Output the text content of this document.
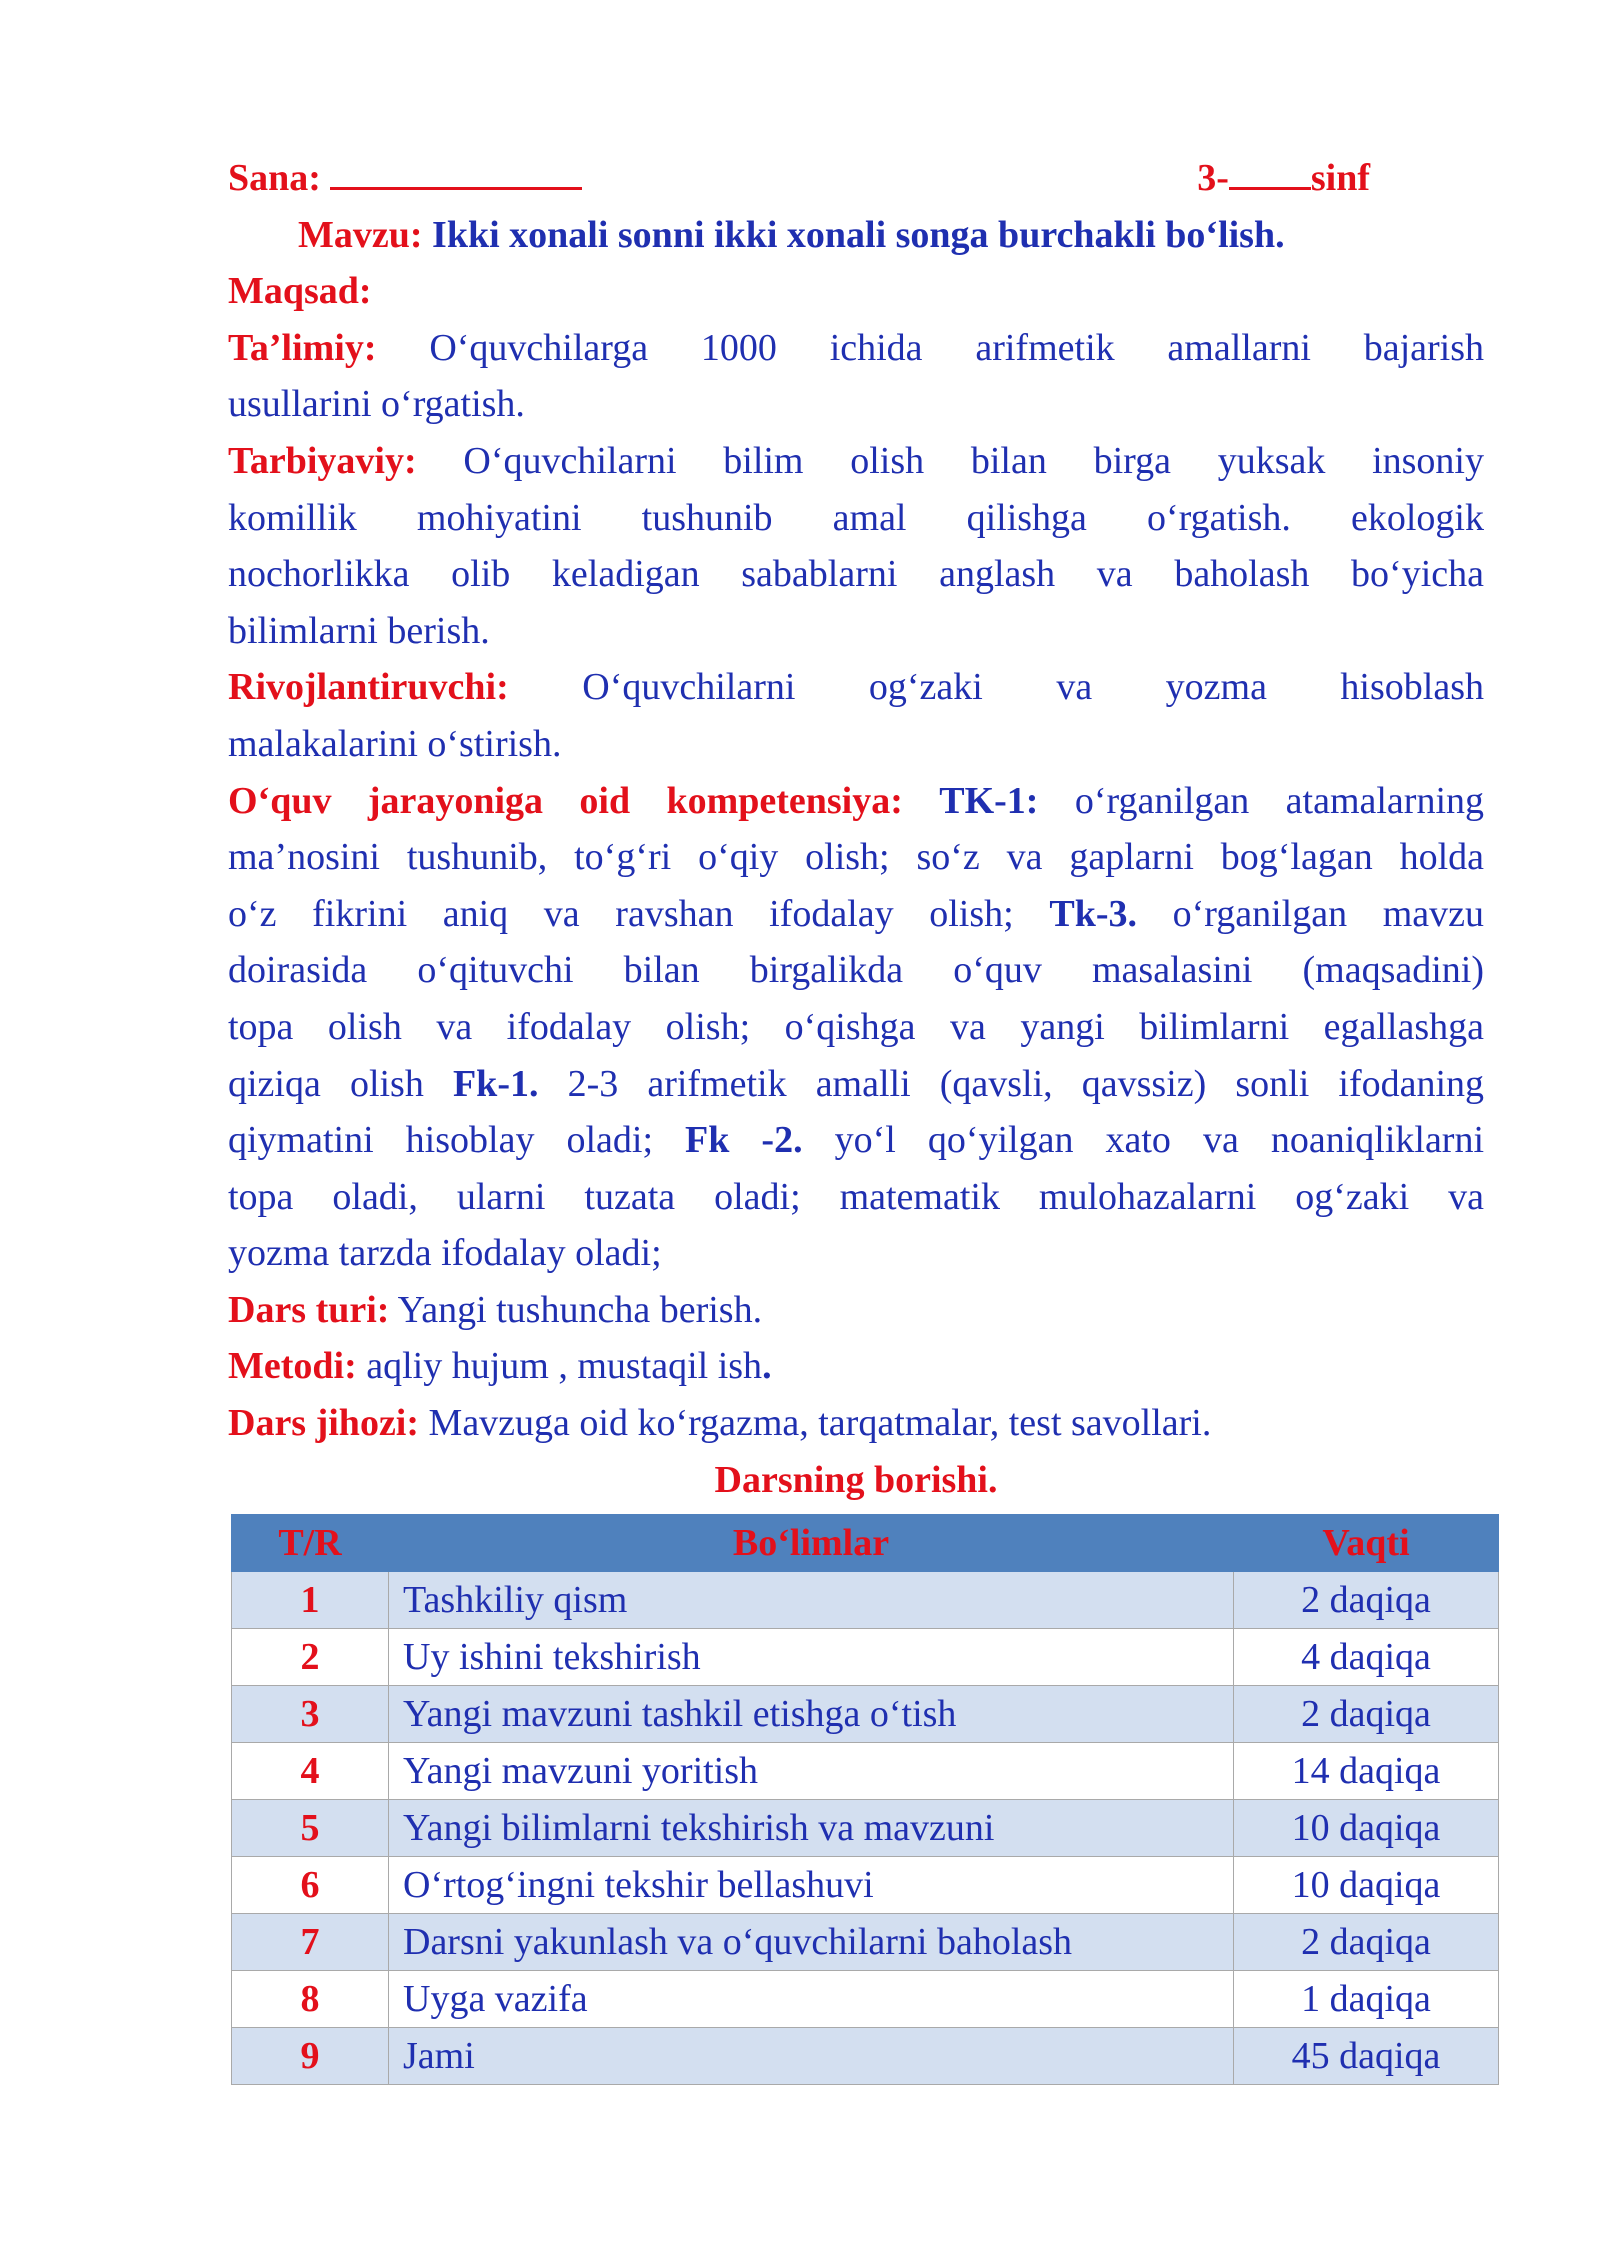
Sana:	3- sinf
Mavzu: Ikki xonali sonni ikki xonali songa burchakli bo‘lish.
Maqsad:
Ta’limiy: O‘quvchilarga 1000 ichida arifmetik amallarni bajarish
usullarini o‘rgatish.
Tarbiyaviy: O‘quvchilarni bilim olish bilan birga yuksak insoniy
komillik mohiyatini tushunib amal qilishga o‘rgatish. ekologik
nochorlikka olib keladigan sabablarni anglash va baholash bo‘yicha
bilimlarni berish.
Rivojlantiruvchi: O‘quvchilarni og‘zaki va yozma hisoblash
malakalarini o‘stirish.
O‘quv jarayoniga oid kompetensiya: TK-1: o‘rganilgan atamalarning
ma’nosini tushunib, to‘g‘ri o‘qiy olish; so‘z va gaplarni bog‘lagan holda
o‘z fikrini aniq va ravshan ifodalay olish; Tk-3. o‘rganilgan mavzu
doirasida o‘qituvchi bilan birgalikda o‘quv masalasini (maqsadini)
topa olish va ifodalay olish; o‘qishga va yangi bilimlarni egallashga
qiziqa olish Fk-1. 2-3 arifmetik amalli (qavsli, qavssiz) sonli ifodaning
qiymatini hisoblay oladi; Fk -2. yo‘l qo‘yilgan xato va noaniqliklarni
topa oladi, ularni tuzata oladi; matematik mulohazalarni og‘zaki va
yozma tarzda ifodalay oladi;
Dars turi: Yangi tushuncha berish.
Metodi: aqliy hujum , mustaqil ish.
Dars jihozi: Mavzuga oid ko‘rgazma, tarqatmalar, test savollari.
Darsning borishi.
T/R	Bo‘limlar	Vaqti
1	Tashkiliy qism	2 daqiqa
2	Uy ishini tekshirish	4 daqiqa
3	Yangi mavzuni tashkil etishga o‘tish	2 daqiqa
4	Yangi mavzuni yoritish	14 daqiqa
5	Yangi bilimlarni tekshirish va mavzuni	10 daqiqa
6	O‘rtog‘ingni tekshir bellashuvi	10 daqiqa
7	Darsni yakunlash va o‘quvchilarni baholash	2 daqiqa
8	Uyga vazifa	1 daqiqa
9	Jami	45 daqiqa
